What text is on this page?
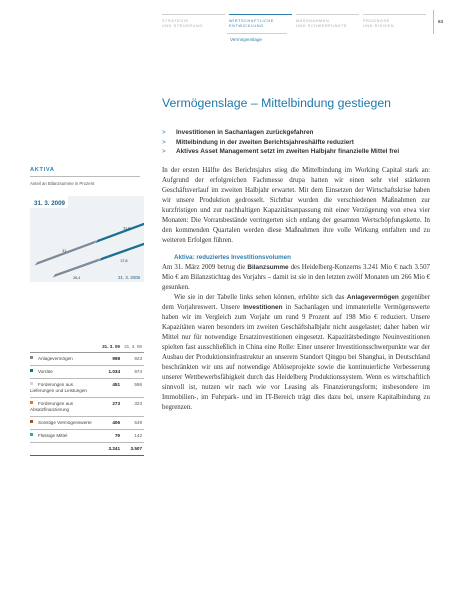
STRATEGIE
UND STEUERUNG
WIRTSCHAFTLICHE
ENTWICKLUNG
MASSNAHMEN
UND SCHWERPUNKTE
PROGNOSE
UND RISIKEN
Vermögenslage
63
Vermögenslage – Mittelbindung gestiegen
> Investitionen in Sachanlagen zurückgefahren
> Mittelbindung in der zweiten Berichtsjahreshälfte reduziert
> Aktives Asset Management setzt im zweiten Halbjahr finanzielle Mittel frei
AKTIVA
Anteil an Bilanzsumme in Prozent
31. 3. 2009
31. 3. 2008
31
31,6
26,4
27,8
	31. 3. 09	31. 3. 08
Anlagevermögen	998	923
Vorräte	1.034	974
Forderungen aus Lieferungen und Leistungen	451	596
Forderungen aus Absatzfinanzierung	273	323
Sonstige Vermögenswerte	406	549
Flüssige Mittel	79	142
	3.241	3.507

In der ersten Hälfte des Berichtsjahrs stieg die Mittelbindung im Working Capital stark an: Aufgrund der erfolgreichen Fachmesse drupa hatten wir einen sehr viel stärkeren Geschäftsverlauf im zweiten Halbjahr erwartet. Mit dem Einsetzen der Wirtschaftskrise haben wir unsere Produktion gedrosselt. Sichtbar wurden die verschiedenen Maßnahmen zur kurzfristigen und zur nachhaltigen Kapazitätsanpassung mit einer Verzögerung von etwa vier Monaten: Die Vorratsbestände verringerten sich entlang der gesamten Wertschöpfungskette. In den kommenden Quartalen werden diese Maßnahmen ihre volle Wirkung entfalten und zu weiteren Erfolgen führen.

Aktiva: reduziertes Investitionsvolumen

Am 31. März 2009 betrug die Bilanzsumme des Heidelberg-Konzerns 3.241 Mio € nach 3.507 Mio € am Bilanzstichtag des Vorjahrs – damit ist sie in den letzten zwölf Monaten um 266 Mio € gesunken.

Wie sie in der Tabelle links sehen können, erhöhte sich das Anlagevermögen gegenüber dem Vorjahreswert. Unsere Investitionen in Sachanlagen und immaterielle Vermögenswerte haben wir im Vergleich zum Vorjahr um rund 9 Prozent auf 198 Mio € reduziert. Unsere Kapazitäten waren besonders im zweiten Geschäftshalbjahr nicht ausgelastet; daher haben wir Mittel nur für notwendige Ersatzinvestitionen eingesetzt. Kapazitätsbedingte Neuinvestitionen spielten fast ausschließlich in China eine Rolle: Einer unserer Investitionsschwerpunkte war der Ausbau der Produktionsinfrastruktur an unserem Standort Qingpu bei Shanghai, in Deutschland beschränkten wir uns auf notwendige Ablöseprojekte sowie die kontinuierliche Verbesserung unserer Wettbewerbsfähigkeit durch das Heidelberg Produktionssystem. Wenn es wirtschaftlich sinnvoll ist, nutzen wir nach wie vor Leasing als Finanzierungsform; insbesondere im Immobilien-, im Fuhrpark- und im IT-Bereich trägt dies dazu bei, unsere Kapitalbindung zu begrenzen.
